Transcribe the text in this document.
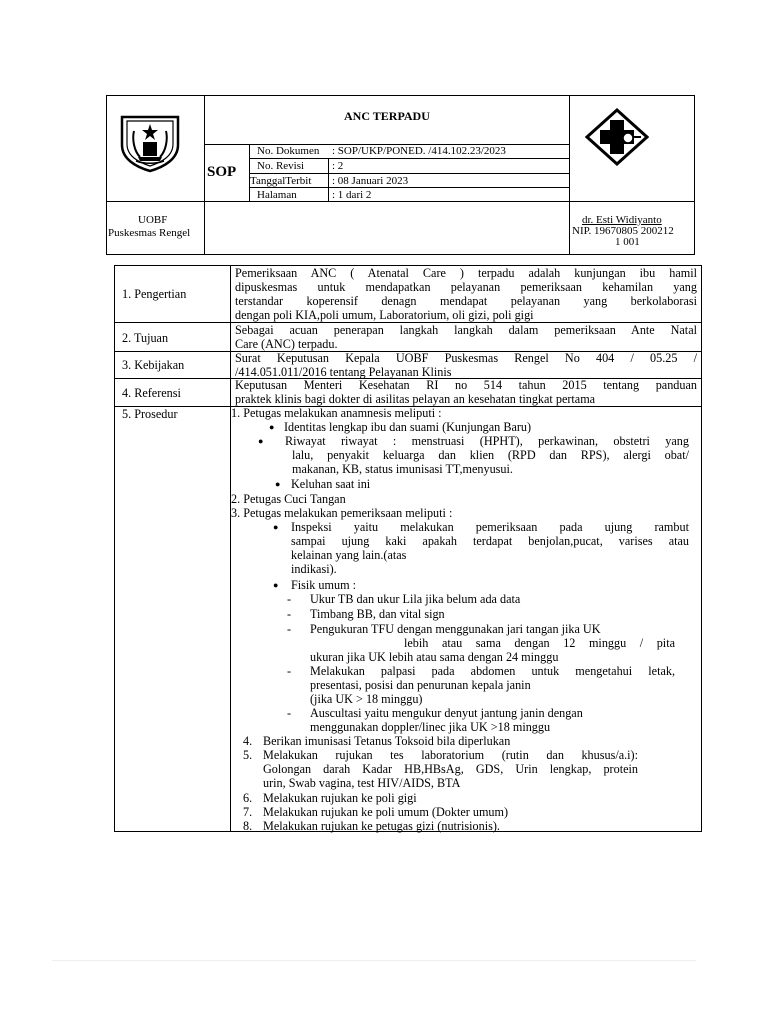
ANC TERPADU
SOP
No. Dokumen : SOP/UKP/PONED. /414.102.23/2023
No. Revisi	: 2
TanggalTerbit : 08 Januari 2023
Halaman	: 1 dari 2
UOBF
Puskesmas Rengel
dr. Esti Widiyanto
NIP. 19670805 200212
1 001
1. Pengertian
2. Tujuan
3. Kebijakan
4. Referensi
5. Prosedur
Pemeriksaan ANC ( Atenatal Care ) terpadu adalah kunjungan ibu hamil
dipuskesmas untuk mendapatkan pelayanan pemeriksaan kehamilan yang
terstandar koperensif denagn mendapat pelayanan yang berkolaborasi
dengan poli KIA,poli umum, Laboratorium, oli gizi, poli gigi
Sebagai acuan penerapan langkah langkah dalam pemeriksaan Ante Natal
Care (ANC) terpadu.
Surat Keputusan Kepala UOBF Puskesmas Rengel No 404 / 05.25 /
/414.051.011/2016 tentang Pelayanan Klinis
Keputusan Menteri Kesehatan RI no 514 tahun 2015 tentang panduan
praktek klinis bagi dokter di asilitas pelayan an kesehatan tingkat pertama
1. Petugas melakukan anamnesis meliputi :
● Identitas lengkap ibu dan suami (Kunjungan Baru)
● Riwayat riwayat : menstruasi (HPHT), perkawinan, obstetri yang
lalu, penyakit keluarga dan klien (RPD dan RPS), alergi obat/
makanan, KB, status imunisasi TT,menyusui.
● Keluhan saat ini
2. Petugas Cuci Tangan
3. Petugas melakukan pemeriksaan meliputi :
● Inspeksi yaitu melakukan pemeriksaan pada ujung rambut
sampai ujung kaki apakah terdapat benjolan,pucat, varises atau
kelainan yang lain.(atas
indikasi).
● Fisik umum :
- Ukur TB dan ukur Lila jika belum ada data
- Timbang BB, dan vital sign
- Pengukuran TFU dengan menggunakan jari tangan jika UK
lebih atau sama dengan 12 minggu / pita
ukuran jika UK lebih atau sama dengan 24 minggu
- Melakukan palpasi pada abdomen untuk mengetahui letak,
presentasi, posisi dan penurunan kepala janin
(jika UK > 18 minggu)
- Auscultasi yaitu mengukur denyut jantung janin dengan
menggunakan doppler/linec jika UK >18 minggu
4. Berikan imunisasi Tetanus Toksoid bila diperlukan
5. Melakukan rujukan tes laboratorium (rutin dan khusus/a.i):
Golongan darah Kadar HB,HBsAg, GDS, Urin lengkap, protein
urin, Swab vagina, test HIV/AIDS, BTA
6. Melakukan rujukan ke poli gigi
7. Melakukan rujukan ke poli umum (Dokter umum)
8. Melakukan rujukan ke petugas gizi (nutrisionis).
